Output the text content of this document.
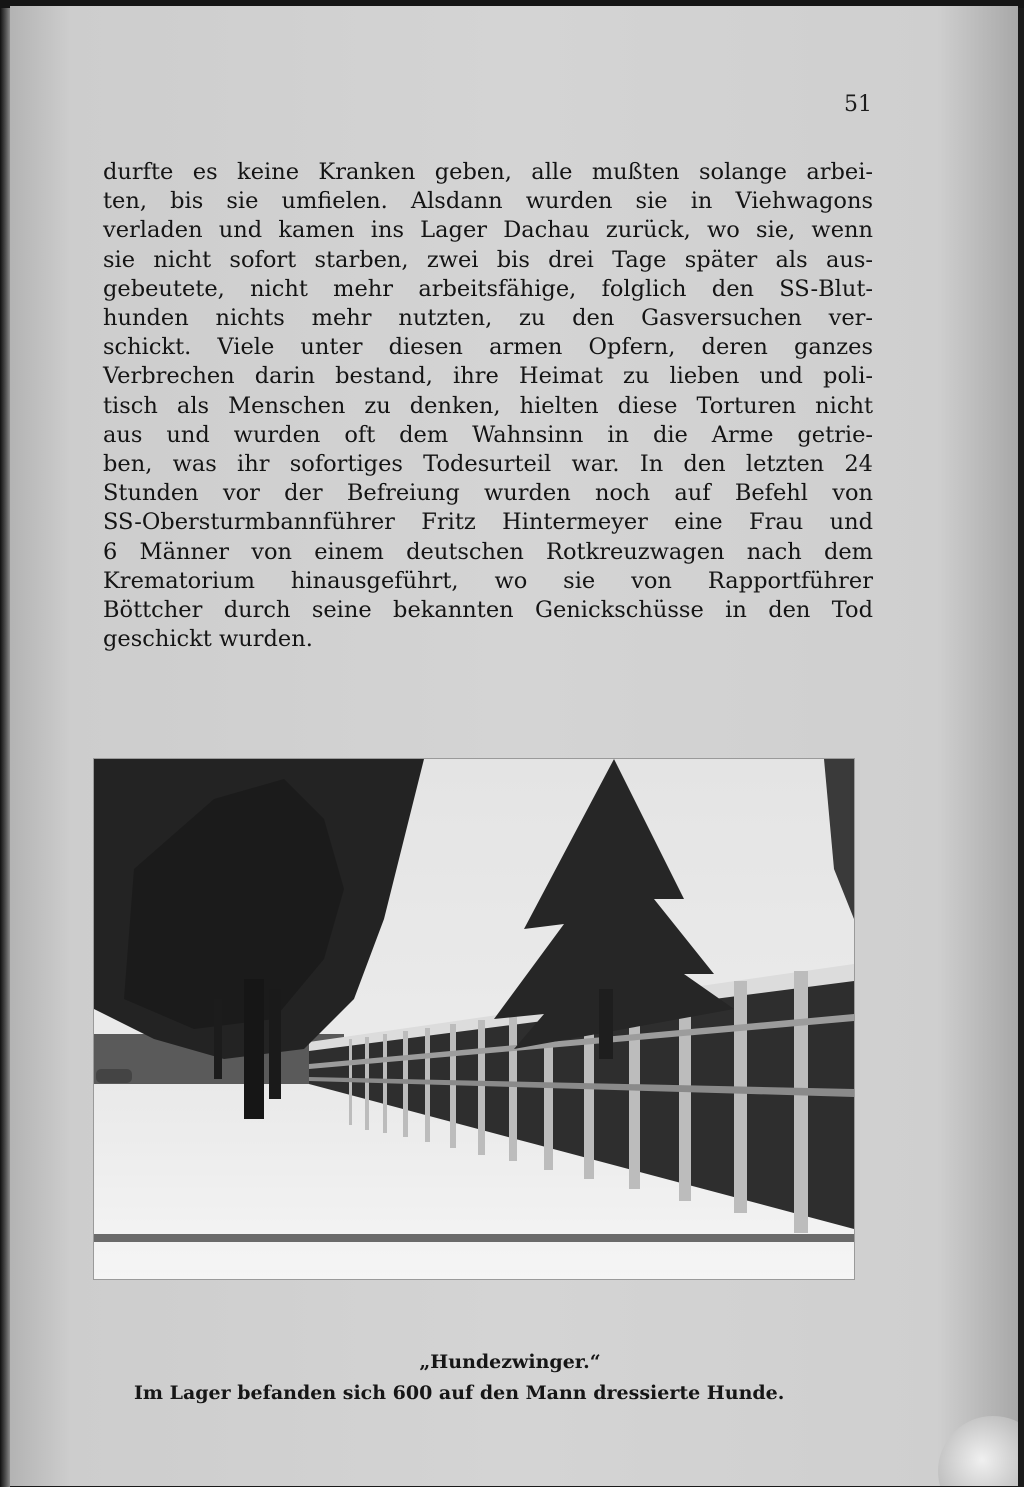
51

durfte es keine Kranken geben, alle mußten solange arbei-
ten, bis sie umfielen. Alsdann wurden sie in Viehwagons
verladen und kamen ins Lager Dachau zurück, wo sie, wenn
sie nicht sofort starben, zwei bis drei Tage später als aus-
gebeutete, nicht mehr arbeitsfähige, folglich den SS-Blut-
hunden nichts mehr nutzten, zu den Gasversuchen ver-
schickt. Viele unter diesen armen Opfern, deren ganzes
Verbrechen darin bestand, ihre Heimat zu lieben und poli-
tisch als Menschen zu denken, hielten diese Torturen nicht
aus und wurden oft dem Wahnsinn in die Arme getrie-
ben, was ihr sofortiges Todesurteil war. In den letzten 24
Stunden vor der Befreiung wurden noch auf Befehl von
SS-Obersturmbannführer Fritz Hintermeyer eine Frau und
6 Männer von einem deutschen Rotkreuzwagen nach dem
Krematorium hinausgeführt, wo sie von Rapportführer
Böttcher durch seine bekannten Genickschüsse in den Tod
geschickt wurden.

„Hundezwinger.“
Im Lager befanden sich 600 auf den Mann dressierte Hunde.
